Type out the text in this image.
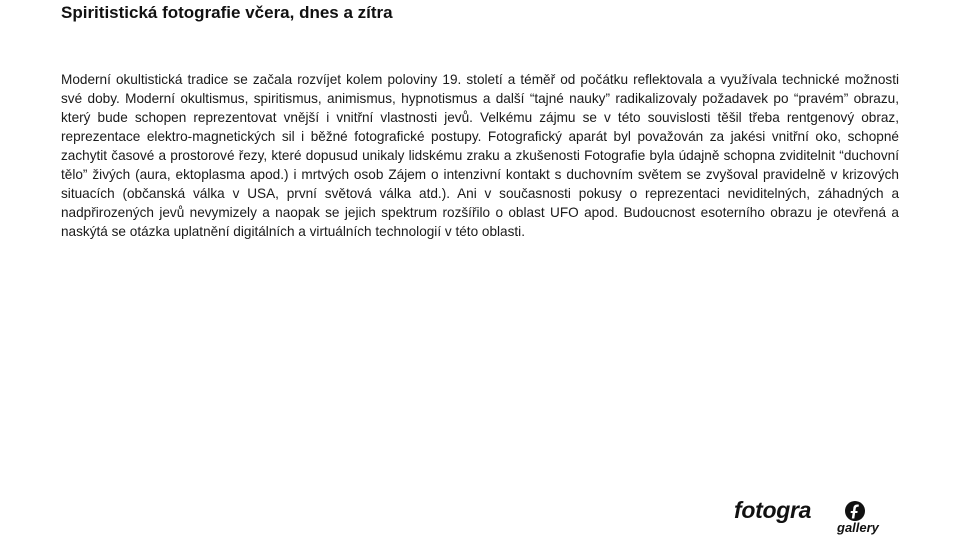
Spiritistická fotografie včera, dnes a zítra

Moderní okultistická tradice se začala rozvíjet kolem poloviny 19. století a téměř od počátku reflektovala a využívala technické možnosti své doby. Moderní okultismus, spiritismus, animismus, hypnotismus a další “tajné nauky” radikalizovaly požadavek po “pravém” obrazu, který bude schopen reprezentovat vnější i vnitřní vlastnosti jevů. Velkému zájmu se v této souvislosti těšil třeba rentgenový obraz, reprezentace elektro-magnetických sil i běžné fotografické postupy. Fotografický aparát byl považován za jakési vnitřní oko, schopné zachytit časové a prostorové řezy, které dopusud unikaly lidskému zraku a zkušenosti Fotografie byla údajně schopna zviditelnit “duchovní tělo” živých (aura, ektoplasma apod.) i mrtvých osob Zájem o intenzivní kontakt s duchovním světem se zvyšoval pravidelně v krizových situacích (občanská válka v USA, první světová válka atd.). Ani v současnosti pokusy o reprezentaci neviditelných, záhadných a nadpřirozených jevů nevymizely a naopak se jejich spektrum rozšířilo o oblast UFO apod. Budoucnost esoterního obrazu je otevřená a naskýtá se otázka uplatnění digitálních a virtuálních technologií v této oblasti.

fotogra
gallery
